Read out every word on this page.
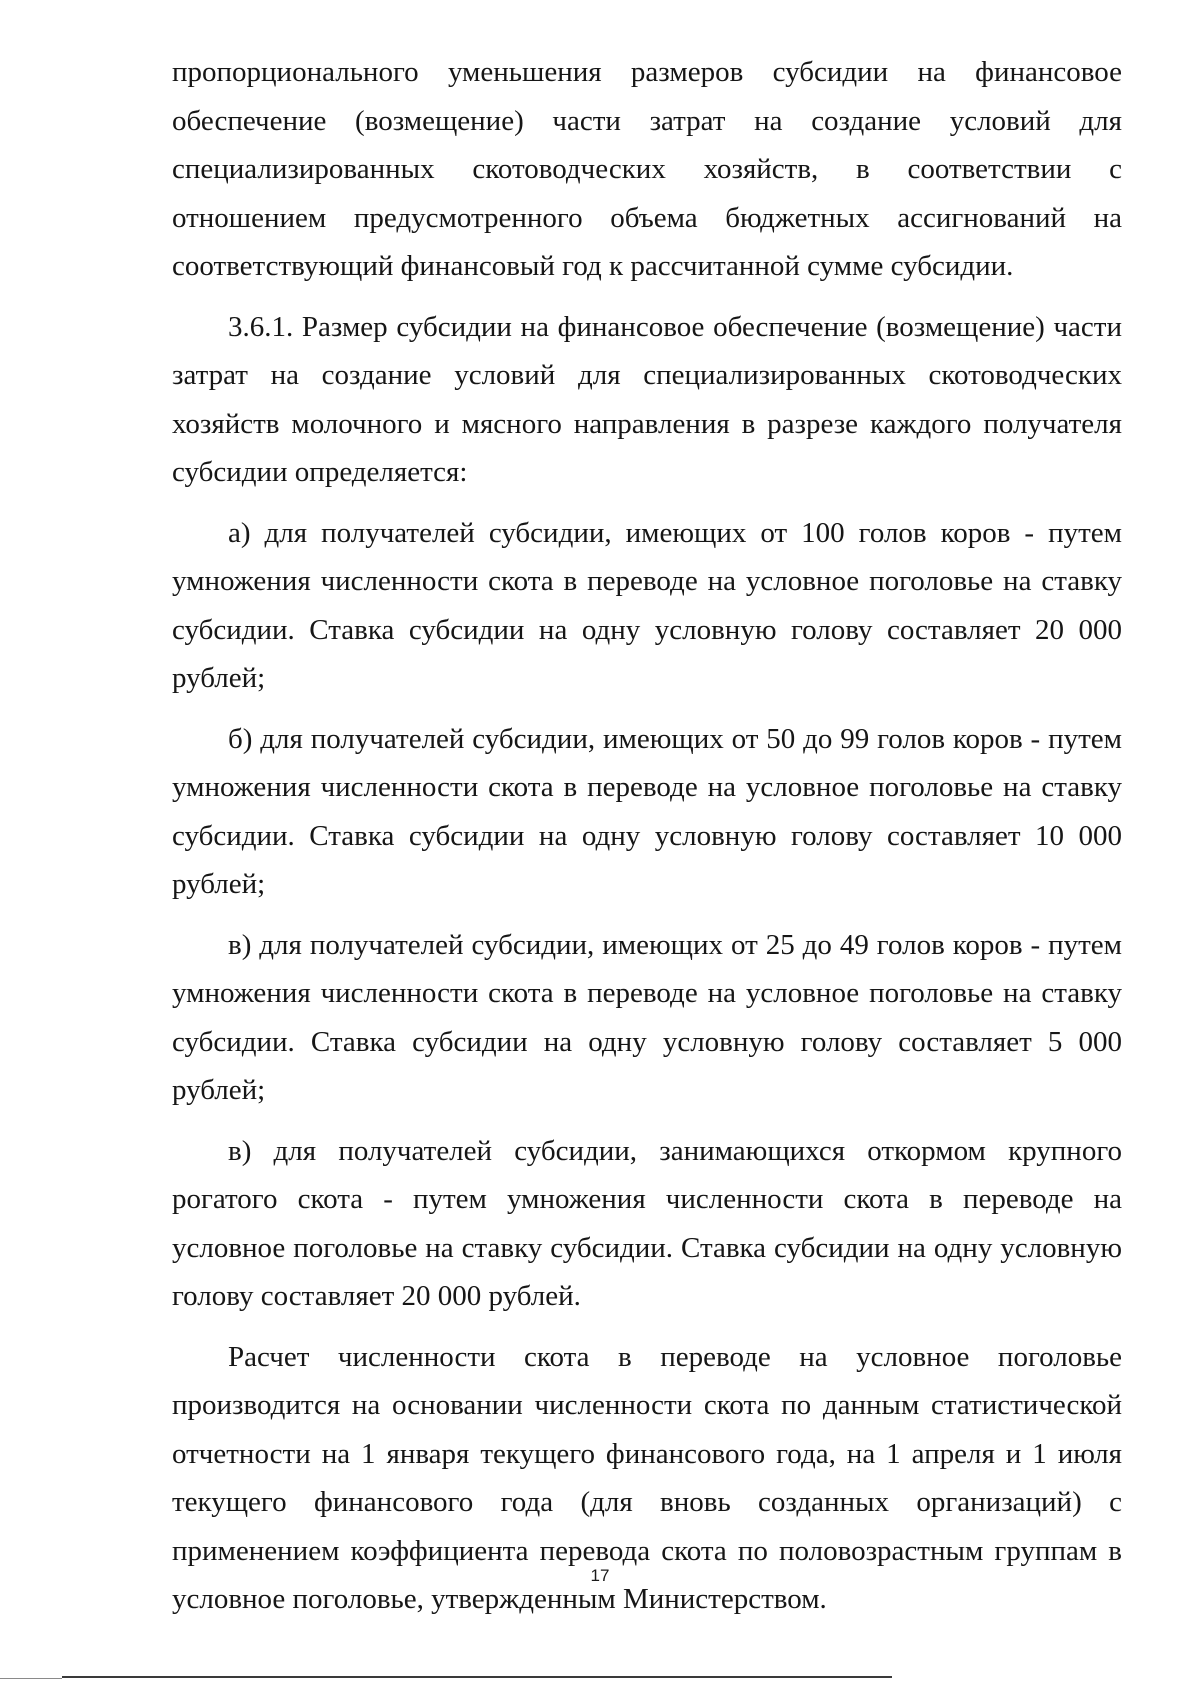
пропорционального уменьшения размеров субсидии на финансовое обеспечение (возмещение) части затрат на создание условий для специализированных скотоводческих хозяйств, в соответствии с отношением предусмотренного объема бюджетных ассигнований на соответствующий финансовый год к рассчитанной сумме субсидии.

3.6.1. Размер субсидии на финансовое обеспечение (возмещение) части затрат на создание условий для специализированных скотоводческих хозяйств молочного и мясного направления в разрезе каждого получателя субсидии определяется:

а) для получателей субсидии, имеющих от 100 голов коров - путем умножения численности скота в переводе на условное поголовье на ставку субсидии. Ставка субсидии на одну условную голову составляет 20 000 рублей;

б) для получателей субсидии, имеющих от 50 до 99 голов коров - путем умножения численности скота в переводе на условное поголовье на ставку субсидии. Ставка субсидии на одну условную голову составляет 10 000 рублей;

в) для получателей субсидии, имеющих от 25 до 49 голов коров - путем умножения численности скота в переводе на условное поголовье на ставку субсидии. Ставка субсидии на одну условную голову составляет 5 000 рублей;

в) для получателей субсидии, занимающихся откормом крупного рогатого скота - путем умножения численности скота в переводе на условное поголовье на ставку субсидии. Ставка субсидии на одну условную голову составляет 20 000 рублей.

Расчет численности скота в переводе на условное поголовье производится на основании численности скота по данным статистической отчетности на 1 января текущего финансового года, на 1 апреля и 1 июля текущего финансового года (для вновь созданных организаций) с применением коэффициента перевода скота по половозрастным группам в условное поголовье, утвержденным Министерством.

17
